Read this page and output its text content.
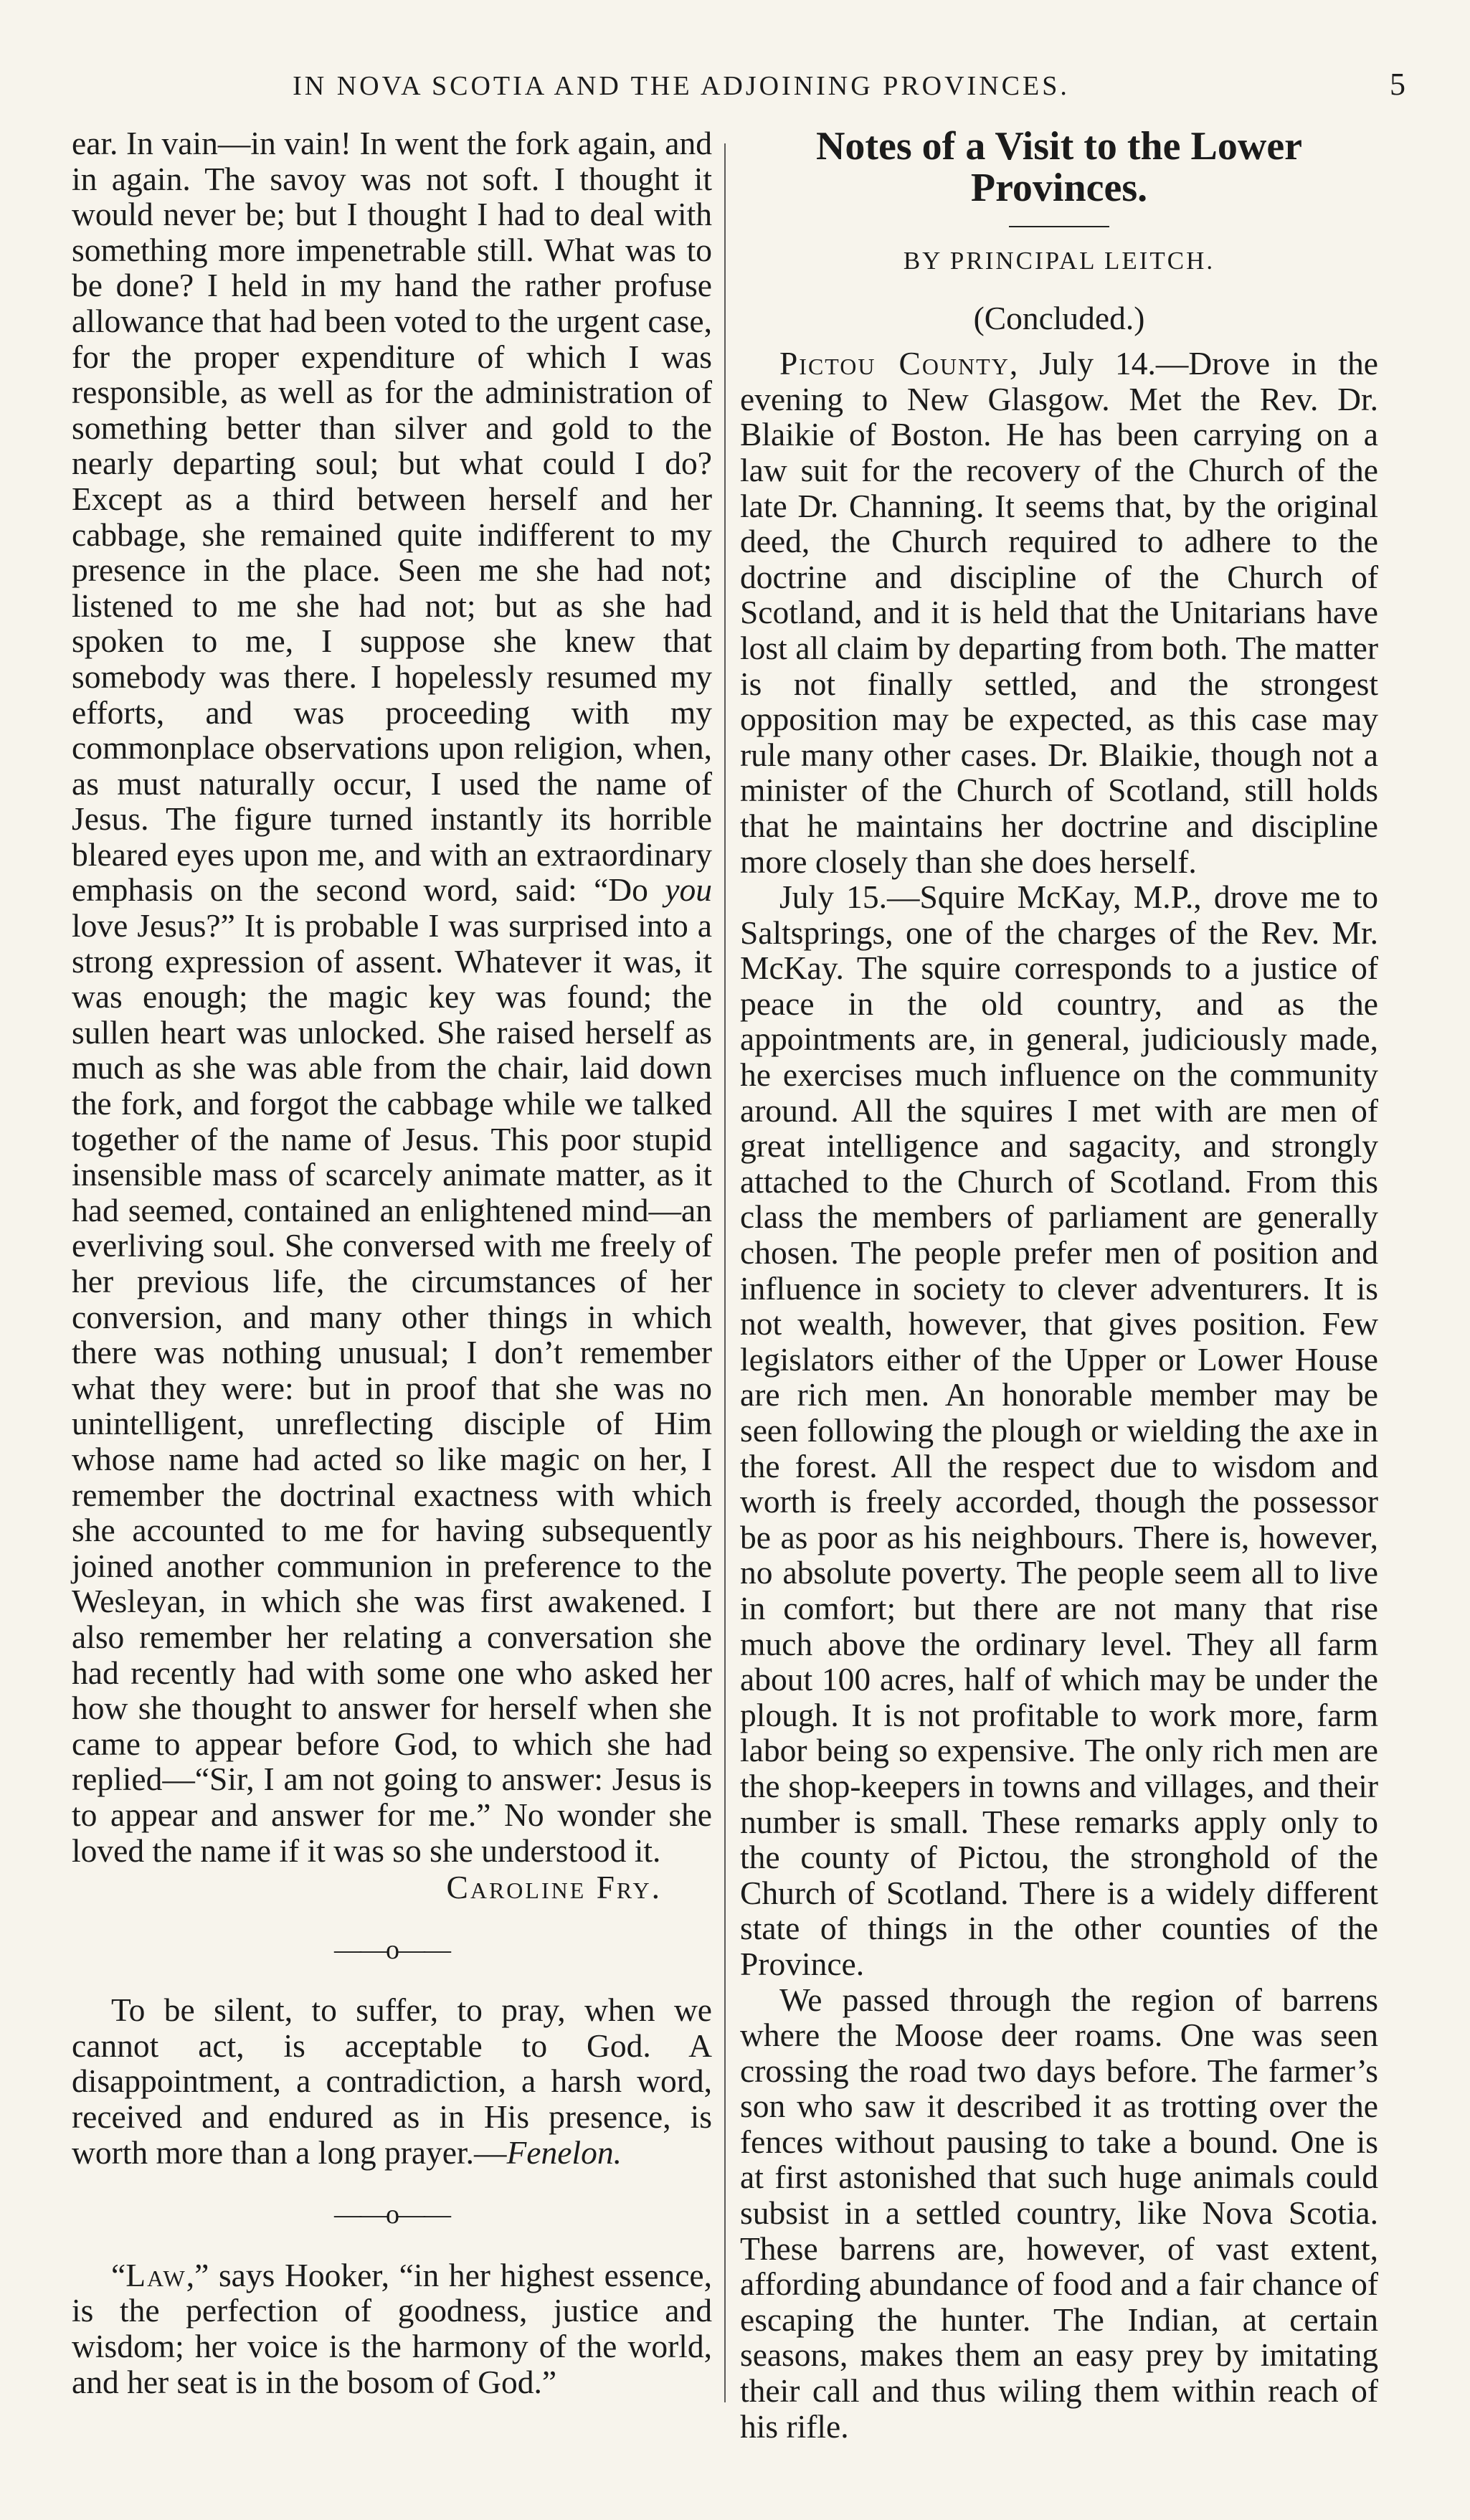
IN NOVA SCOTIA AND THE ADJOINING PROVINCES.	5

ear. In vain—in vain! In went the fork again, and in again. The savoy was not soft. I thought it would never be; but I thought I had to deal with something more impenetrable still. What was to be done? I held in my hand the rather profuse allowance that had been voted to the urgent case, for the proper expenditure of which I was responsible, as well as for the administration of something better than silver and gold to the nearly departing soul; but what could I do? Except as a third between herself and her cabbage, she remained quite indifferent to my presence in the place. Seen me she had not; listened to me she had not; but as she had spoken to me, I suppose she knew that somebody was there. I hopelessly resumed my efforts, and was proceeding with my commonplace observations upon religion, when, as must naturally occur, I used the name of Jesus. The figure turned instantly its horrible bleared eyes upon me, and with an extraordinary emphasis on the second word, said: “Do you love Jesus?” It is probable I was surprised into a strong expression of assent. Whatever it was, it was enough; the magic key was found; the sullen heart was unlocked. She raised herself as much as she was able from the chair, laid down the fork, and forgot the cabbage while we talked together of the name of Jesus. This poor stupid insensible mass of scarcely animate matter, as it had seemed, contained an enlightened mind—an everliving soul. She conversed with me freely of her previous life, the circumstances of her conversion, and many other things in which there was nothing unusual; I don’t remember what they were: but in proof that she was no unintelligent, unreflecting disciple of Him whose name had acted so like magic on her, I remember the doctrinal exactness with which she accounted to me for having subsequently joined another communion in preference to the Wesleyan, in which she was first awakened. I also remember her relating a conversation she had recently had with some one who asked her how she thought to answer for herself when she came to appear before God, to which she had replied—“Sir, I am not going to answer: Jesus is to appear and answer for me.” No wonder she loved the name if it was so she understood it.

Caroline Fry.

——o——

To be silent, to suffer, to pray, when we cannot act, is acceptable to God. A disappointment, a contradiction, a harsh word, received and endured as in His presence, is worth more than a long prayer.—Fenelon.

——o——

“Law,” says Hooker, “in her highest essence, is the perfection of goodness, justice and wisdom; her voice is the harmony of the world, and her seat is in the bosom of God.”

Notes of a Visit to the Lower Provinces.

BY PRINCIPAL LEITCH.

(Concluded.)

Pictou County, July 14.—Drove in the evening to New Glasgow. Met the Rev. Dr. Blaikie of Boston. He has been carrying on a law suit for the recovery of the Church of the late Dr. Channing. It seems that, by the original deed, the Church required to adhere to the doctrine and discipline of the Church of Scotland, and it is held that the Unitarians have lost all claim by departing from both. The matter is not finally settled, and the strongest opposition may be expected, as this case may rule many other cases. Dr. Blaikie, though not a minister of the Church of Scotland, still holds that he maintains her doctrine and discipline more closely than she does herself.

July 15.—Squire McKay, M.P., drove me to Saltsprings, one of the charges of the Rev. Mr. McKay. The squire corresponds to a justice of peace in the old country, and as the appointments are, in general, judiciously made, he exercises much influence on the community around. All the squires I met with are men of great intelligence and sagacity, and strongly attached to the Church of Scotland. From this class the members of parliament are generally chosen. The people prefer men of position and influence in society to clever adventurers. It is not wealth, however, that gives position. Few legislators either of the Upper or Lower House are rich men. An honorable member may be seen following the plough or wielding the axe in the forest. All the respect due to wisdom and worth is freely accorded, though the possessor be as poor as his neighbours. There is, however, no absolute poverty. The people seem all to live in comfort; but there are not many that rise much above the ordinary level. They all farm about 100 acres, half of which may be under the plough. It is not profitable to work more, farm labor being so expensive. The only rich men are the shop-keepers in towns and villages, and their number is small. These remarks apply only to the county of Pictou, the stronghold of the Church of Scotland. There is a widely different state of things in the other counties of the Province.

We passed through the region of barrens where the Moose deer roams. One was seen crossing the road two days before. The farmer’s son who saw it described it as trotting over the fences without pausing to take a bound. One is at first astonished that such huge animals could subsist in a settled country, like Nova Scotia. These barrens are, however, of vast extent, affording abundance of food and a fair chance of escaping the hunter. The Indian, at certain seasons, makes them an easy prey by imitating their call and thus wiling them within reach of his rifle.
